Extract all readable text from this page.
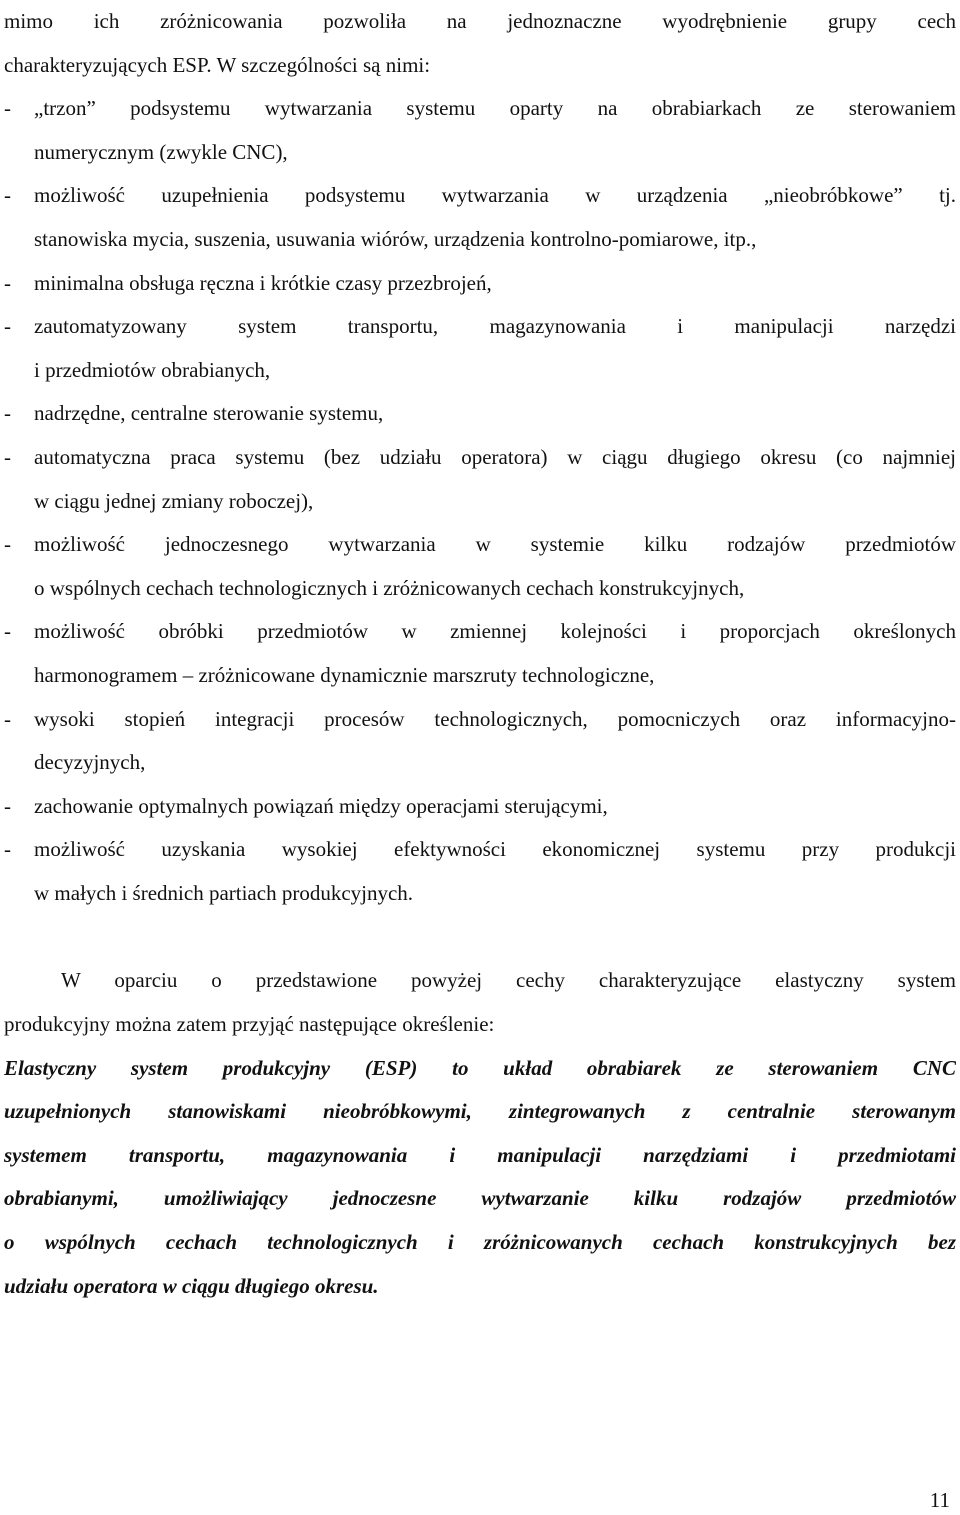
mimo ich zróżnicowania pozwoliła na jednoznaczne wyodrębnienie grupy cech
charakteryzujących ESP. W szczególności są nimi:
- „trzon” podsystemu wytwarzania systemu oparty na obrabiarkach ze sterowaniem
numerycznym (zwykle CNC),
- możliwość uzupełnienia podsystemu wytwarzania w urządzenia „nieobróbkowe” tj.
stanowiska mycia, suszenia, usuwania wiórów, urządzenia kontrolno-pomiarowe, itp.,
- minimalna obsługa ręczna i krótkie czasy przezbrojeń,
- zautomatyzowany system transportu, magazynowania i manipulacji narzędzi
i przedmiotów obrabianych,
- nadrzędne, centralne sterowanie systemu,
- automatyczna praca systemu (bez udziału operatora) w ciągu długiego okresu (co najmniej
w ciągu jednej zmiany roboczej),
- możliwość jednoczesnego wytwarzania w systemie kilku rodzajów przedmiotów
o wspólnych cechach technologicznych i zróżnicowanych cechach konstrukcyjnych,
- możliwość obróbki przedmiotów w zmiennej kolejności i proporcjach określonych
harmonogramem – zróżnicowane dynamicznie marszruty technologiczne,
- wysoki stopień integracji procesów technologicznych, pomocniczych oraz informacyjno-
decyzyjnych,
- zachowanie optymalnych powiązań między operacjami sterującymi,
- możliwość uzyskania wysokiej efektywności ekonomicznej systemu przy produkcji
w małych i średnich partiach produkcyjnych.
W oparciu o przedstawione powyżej cechy charakteryzujące elastyczny system
produkcyjny można zatem przyjąć następujące określenie:
Elastyczny system produkcyjny (ESP) to układ obrabiarek ze sterowaniem CNC
uzupełnionych stanowiskami nieobróbkowymi, zintegrowanych z centralnie sterowanym
systemem transportu, magazynowania i manipulacji narzędziami i przedmiotami
obrabianymi, umożliwiający jednoczesne wytwarzanie kilku rodzajów przedmiotów
o wspólnych cechach technologicznych i zróżnicowanych cechach konstrukcyjnych bez
udziału operatora w ciągu długiego okresu.
11
